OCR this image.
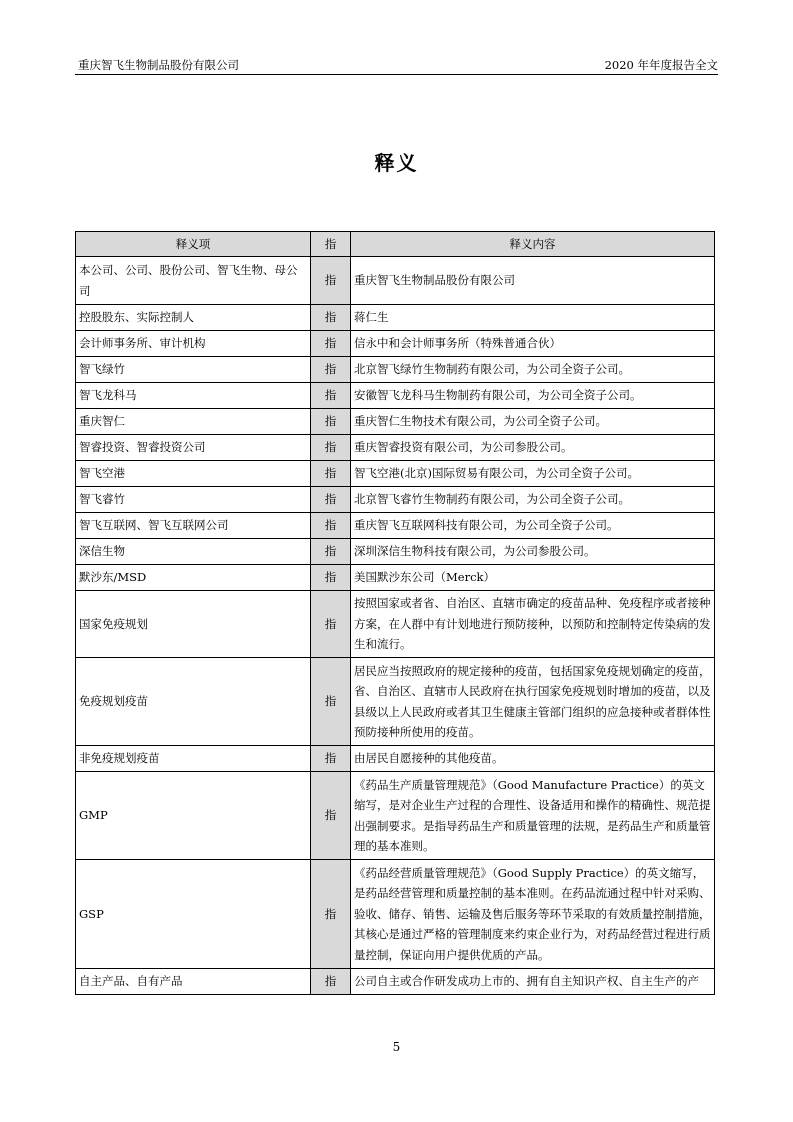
重庆智飞生物制品股份有限公司	2020 年年度报告全文
释义
释义项	指	释义内容
本公司、公司、股份公司、智飞生物、母公司	指	重庆智飞生物制品股份有限公司
控股股东、实际控制人	指	蒋仁生
会计师事务所、审计机构	指	信永中和会计师事务所（特殊普通合伙）
智飞绿竹	指	北京智飞绿竹生物制药有限公司，为公司全资子公司。
智飞龙科马	指	安徽智飞龙科马生物制药有限公司，为公司全资子公司。
重庆智仁	指	重庆智仁生物技术有限公司，为公司全资子公司。
智睿投资、智睿投资公司	指	重庆智睿投资有限公司，为公司参股公司。
智飞空港	指	智飞空港(北京)国际贸易有限公司，为公司全资子公司。
智飞睿竹	指	北京智飞睿竹生物制药有限公司，为公司全资子公司。
智飞互联网、智飞互联网公司	指	重庆智飞互联网科技有限公司，为公司全资子公司。
深信生物	指	深圳深信生物科技有限公司，为公司参股公司。
默沙东/MSD	指	美国默沙东公司（Merck）
国家免疫规划	指	按照国家或者省、自治区、直辖市确定的疫苗品种、免疫程序或者接种方案，在人群中有计划地进行预防接种，以预防和控制特定传染病的发生和流行。
免疫规划疫苗	指	居民应当按照政府的规定接种的疫苗，包括国家免疫规划确定的疫苗，省、自治区、直辖市人民政府在执行国家免疫规划时增加的疫苗，以及县级以上人民政府或者其卫生健康主管部门组织的应急接种或者群体性预防接种所使用的疫苗。
非免疫规划疫苗	指	由居民自愿接种的其他疫苗。
GMP	指	《药品生产质量管理规范》（Good Manufacture Practice）的英文缩写，是对企业生产过程的合理性、设备适用和操作的精确性、规范提出强制要求。是指导药品生产和质量管理的法规，是药品生产和质量管理的基本准则。
GSP	指	《药品经营质量管理规范》（Good Supply Practice）的英文缩写，是药品经营管理和质量控制的基本准则。在药品流通过程中针对采购、验收、储存、销售、运输及售后服务等环节采取的有效质量控制措施，其核心是通过严格的管理制度来约束企业行为，对药品经营过程进行质量控制，保证向用户提供优质的产品。
自主产品、自有产品	指	公司自主或合作研发成功上市的、拥有自主知识产权、自主生产的产
5
